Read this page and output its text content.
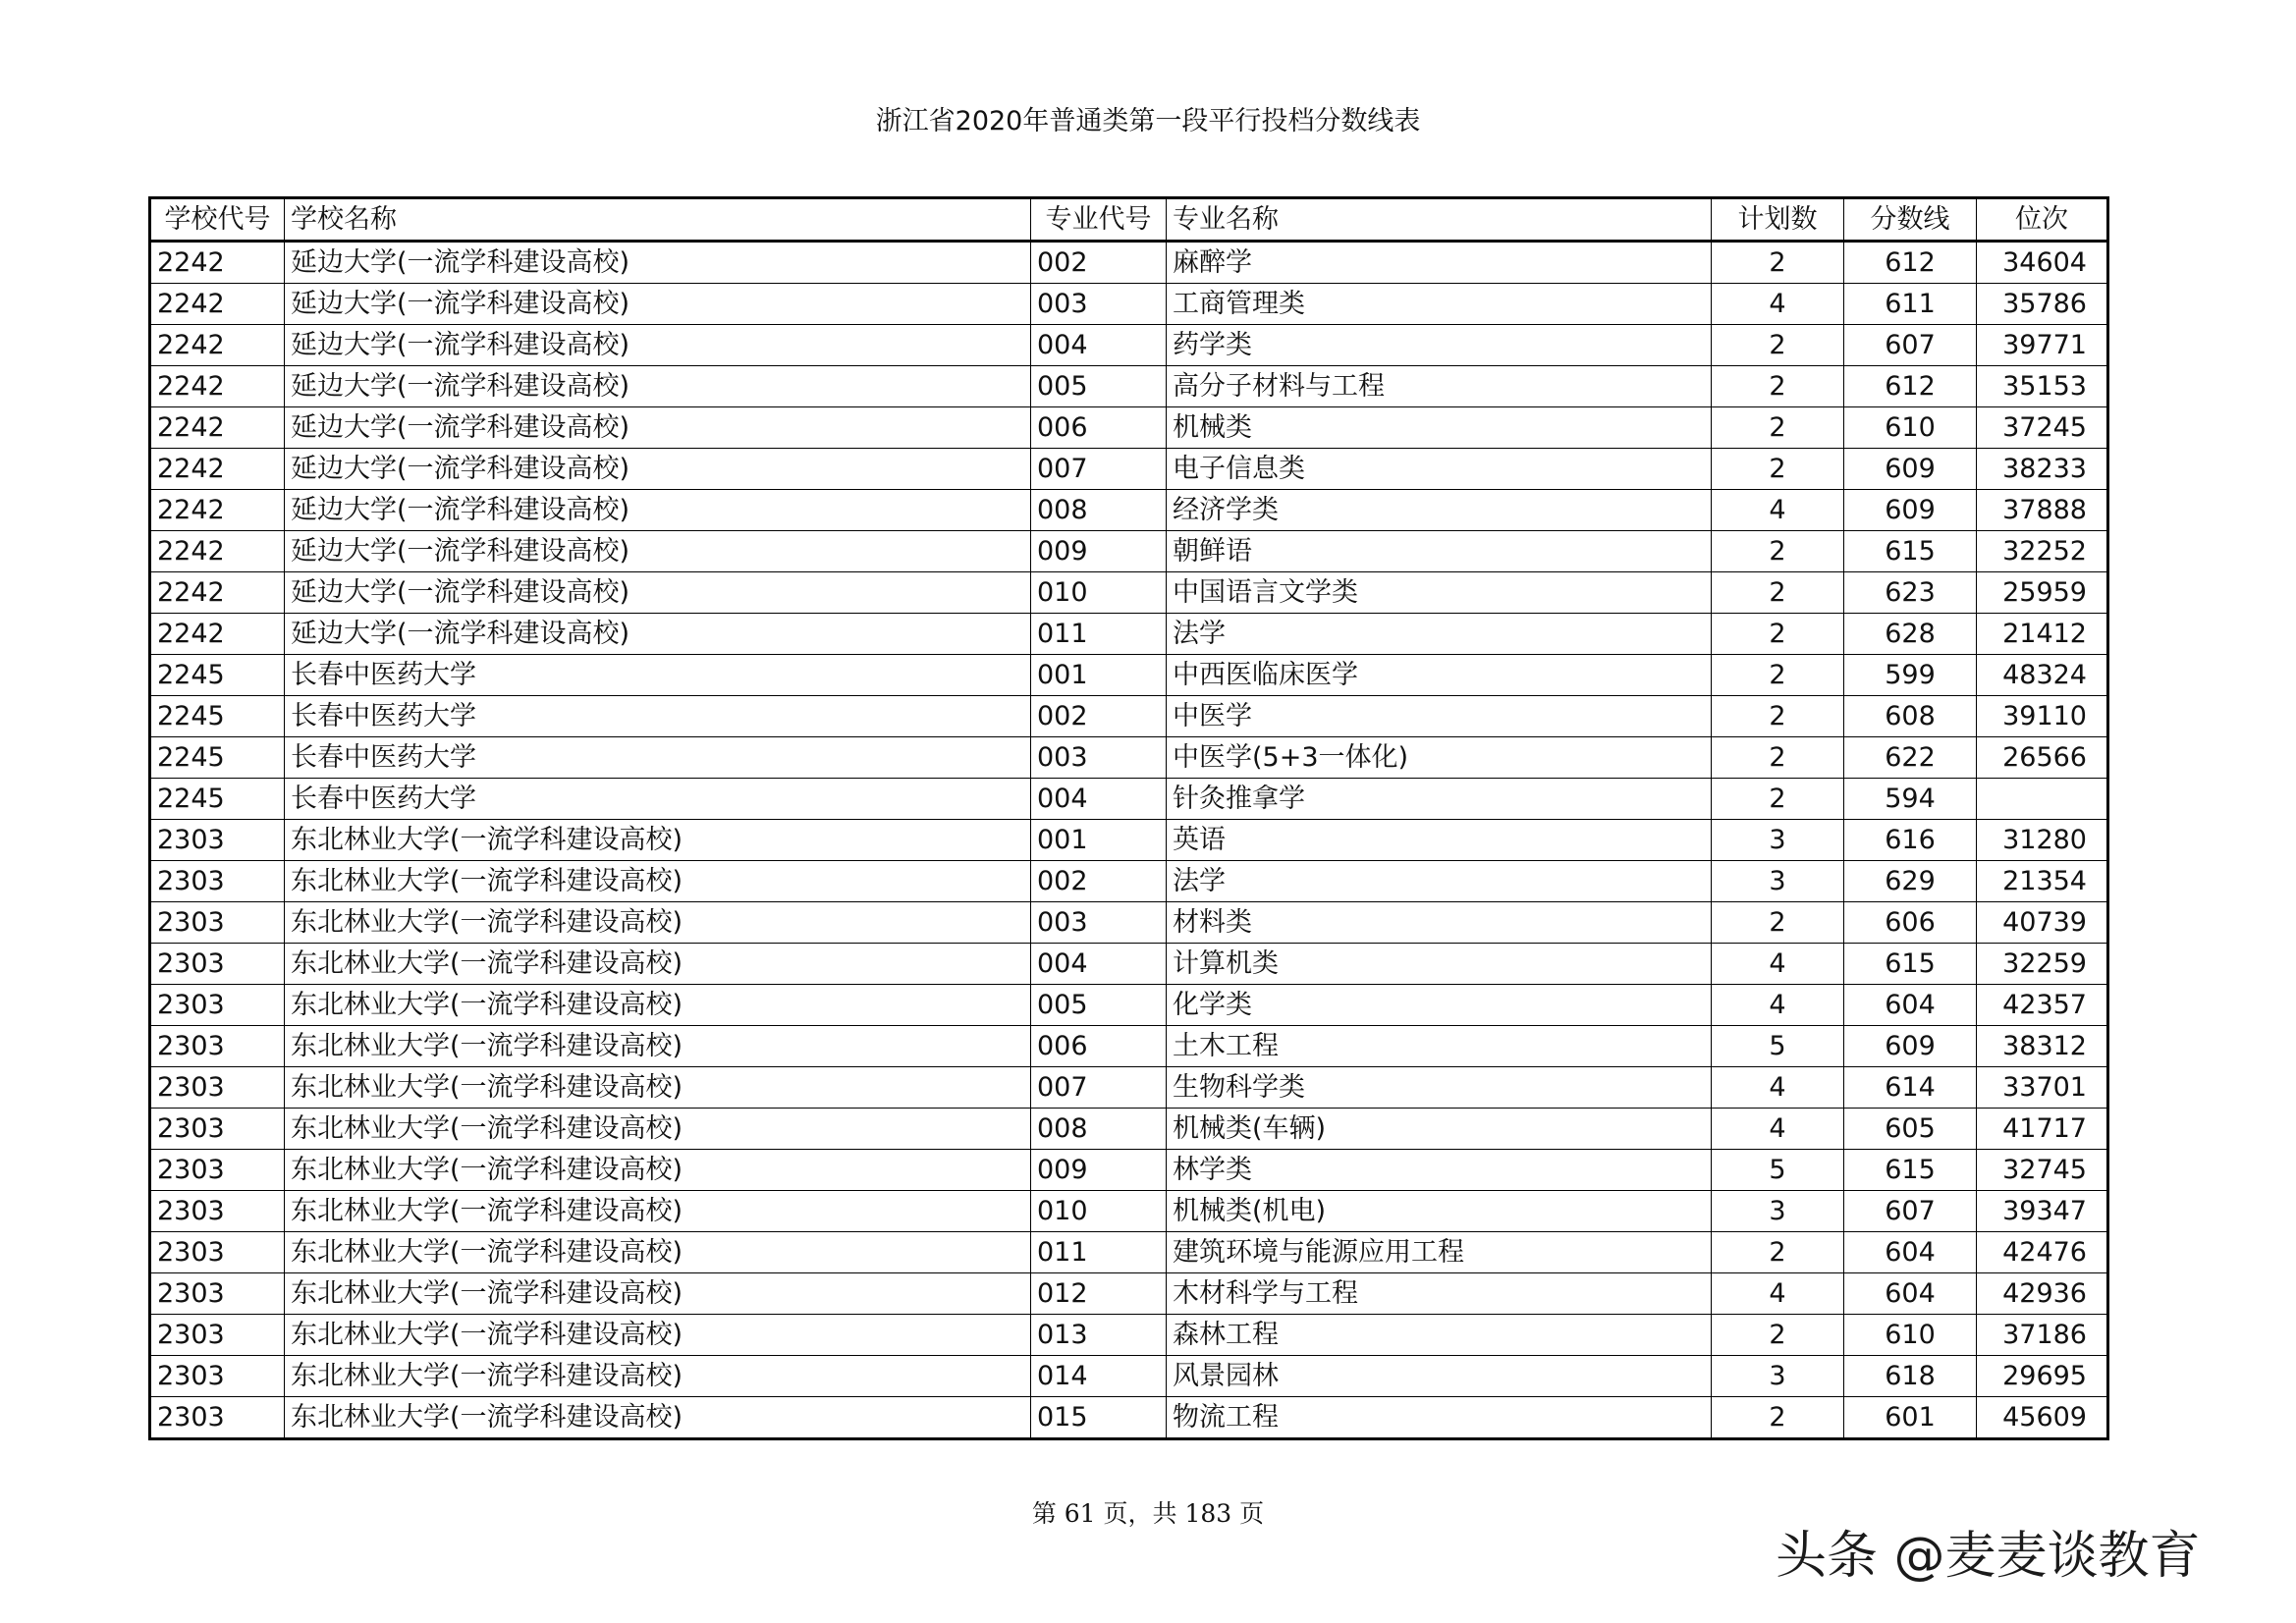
浙江省2020年普通类第一段平行投档分数线表
学校代号	学校名称	专业代号	专业名称	计划数	分数线	位次
2242	延边大学(一流学科建设高校)	002	麻醉学	2	612	34604
2242	延边大学(一流学科建设高校)	003	工商管理类	4	611	35786
2242	延边大学(一流学科建设高校)	004	药学类	2	607	39771
2242	延边大学(一流学科建设高校)	005	高分子材料与工程	2	612	35153
2242	延边大学(一流学科建设高校)	006	机械类	2	610	37245
2242	延边大学(一流学科建设高校)	007	电子信息类	2	609	38233
2242	延边大学(一流学科建设高校)	008	经济学类	4	609	37888
2242	延边大学(一流学科建设高校)	009	朝鲜语	2	615	32252
2242	延边大学(一流学科建设高校)	010	中国语言文学类	2	623	25959
2242	延边大学(一流学科建设高校)	011	法学	2	628	21412
2245	长春中医药大学	001	中西医临床医学	2	599	48324
2245	长春中医药大学	002	中医学	2	608	39110
2245	长春中医药大学	003	中医学(5+3一体化)	2	622	26566
2245	长春中医药大学	004	针灸推拿学	2	594	
2303	东北林业大学(一流学科建设高校)	001	英语	3	616	31280
2303	东北林业大学(一流学科建设高校)	002	法学	3	629	21354
2303	东北林业大学(一流学科建设高校)	003	材料类	2	606	40739
2303	东北林业大学(一流学科建设高校)	004	计算机类	4	615	32259
2303	东北林业大学(一流学科建设高校)	005	化学类	4	604	42357
2303	东北林业大学(一流学科建设高校)	006	土木工程	5	609	38312
2303	东北林业大学(一流学科建设高校)	007	生物科学类	4	614	33701
2303	东北林业大学(一流学科建设高校)	008	机械类(车辆)	4	605	41717
2303	东北林业大学(一流学科建设高校)	009	林学类	5	615	32745
2303	东北林业大学(一流学科建设高校)	010	机械类(机电)	3	607	39347
2303	东北林业大学(一流学科建设高校)	011	建筑环境与能源应用工程	2	604	42476
2303	东北林业大学(一流学科建设高校)	012	木材科学与工程	4	604	42936
2303	东北林业大学(一流学科建设高校)	013	森林工程	2	610	37186
2303	东北林业大学(一流学科建设高校)	014	风景园林	3	618	29695
2303	东北林业大学(一流学科建设高校)	015	物流工程	2	601	45609
第 61 页，共 183 页
头条 @麦麦谈教育
